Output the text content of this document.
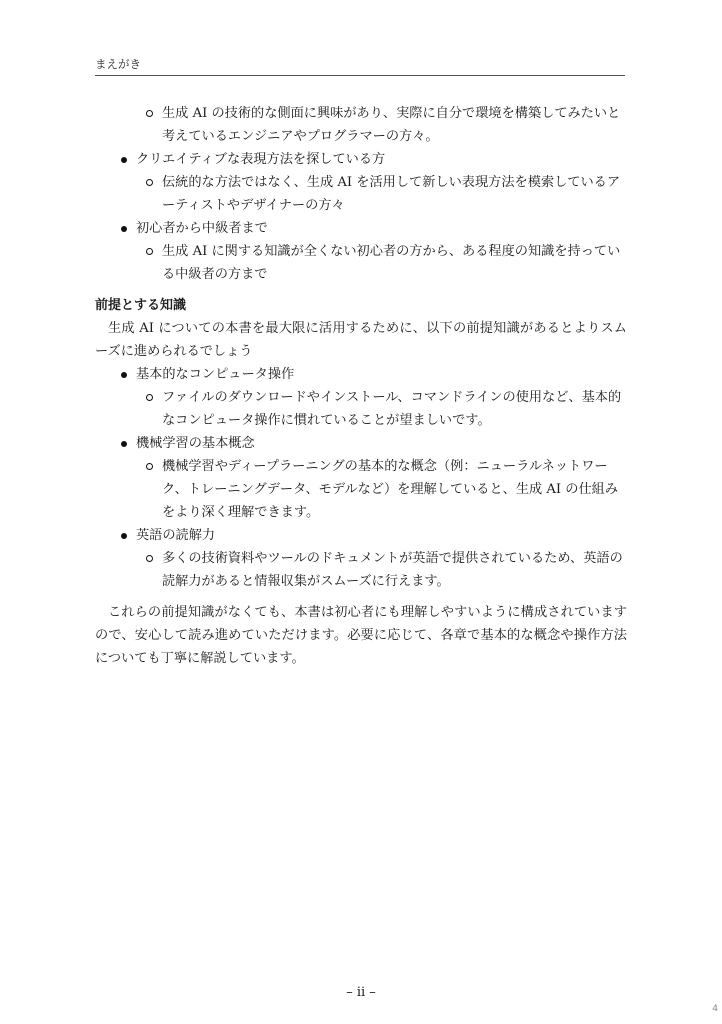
まえがき
生成 AI の技術的な側面に興味があり、実際に自分で環境を構築してみたいと考えているエンジニアやプログラマーの方々。
クリエイティブな表現方法を探している方
伝統的な方法ではなく、生成 AI を活用して新しい表現方法を模索しているアーティストやデザイナーの方々
初心者から中級者まで
生成 AI に関する知識が全くない初心者の方から、ある程度の知識を持っている中級者の方まで
前提とする知識
生成 AI についての本書を最大限に活用するために、以下の前提知識があるとよりスムーズに進められるでしょう
基本的なコンピュータ操作
ファイルのダウンロードやインストール、コマンドラインの使用など、基本的なコンピュータ操作に慣れていることが望ましいです。
機械学習の基本概念
機械学習やディープラーニングの基本的な概念（例：ニューラルネットワーク、トレーニングデータ、モデルなど）を理解していると、生成 AI の仕組みをより深く理解できます。
英語の読解力
多くの技術資料やツールのドキュメントが英語で提供されているため、英語の読解力があると情報収集がスムーズに行えます。
これらの前提知識がなくても、本書は初心者にも理解しやすいように構成されていますので、安心して読み進めていただけます。必要に応じて、各章で基本的な概念や操作方法についても丁寧に解説しています。
– ii –
4
